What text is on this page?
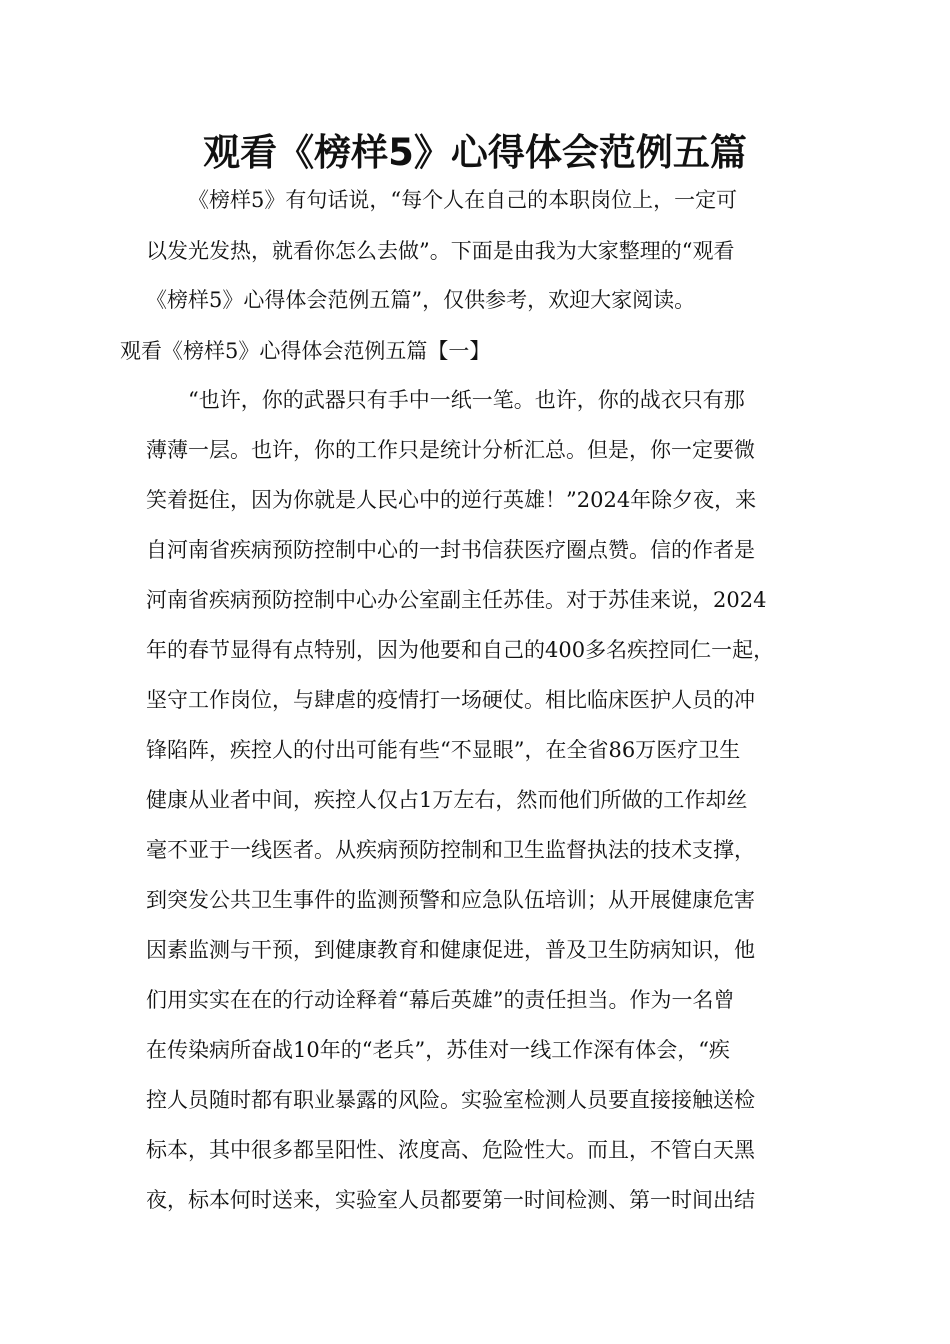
观看《榜样5》心得体会范例五篇
《榜样5》有句话说，“每个人在自己的本职岗位上，一定可
以发光发热，就看你怎么去做”。下面是由我为大家整理的“观看
《榜样5》心得体会范例五篇”，仅供参考，欢迎大家阅读。
观看《榜样5》心得体会范例五篇【一】
“也许，你的武器只有手中一纸一笔。也许，你的战衣只有那
薄薄一层。也许，你的工作只是统计分析汇总。但是，你一定要微
笑着挺住，因为你就是人民心中的逆行英雄！”2024年除夕夜，来
自河南省疾病预防控制中心的一封书信获医疗圈点赞。信的作者是
河南省疾病预防控制中心办公室副主任苏佳。对于苏佳来说，2024
年的春节显得有点特别，因为他要和自己的400多名疾控同仁一起，
坚守工作岗位，与肆虐的疫情打一场硬仗。相比临床医护人员的冲
锋陷阵，疾控人的付出可能有些“不显眼”，在全省86万医疗卫生
健康从业者中间，疾控人仅占1万左右，然而他们所做的工作却丝
毫不亚于一线医者。从疾病预防控制和卫生监督执法的技术支撑，
到突发公共卫生事件的监测预警和应急队伍培训；从开展健康危害
因素监测与干预，到健康教育和健康促进，普及卫生防病知识，他
们用实实在在的行动诠释着“幕后英雄”的责任担当。作为一名曾
在传染病所奋战10年的“老兵”，苏佳对一线工作深有体会，“疾
控人员随时都有职业暴露的风险。实验室检测人员要直接接触送检
标本，其中很多都呈阳性、浓度高、危险性大。而且，不管白天黑
夜，标本何时送来，实验室人员都要第一时间检测、第一时间出结
